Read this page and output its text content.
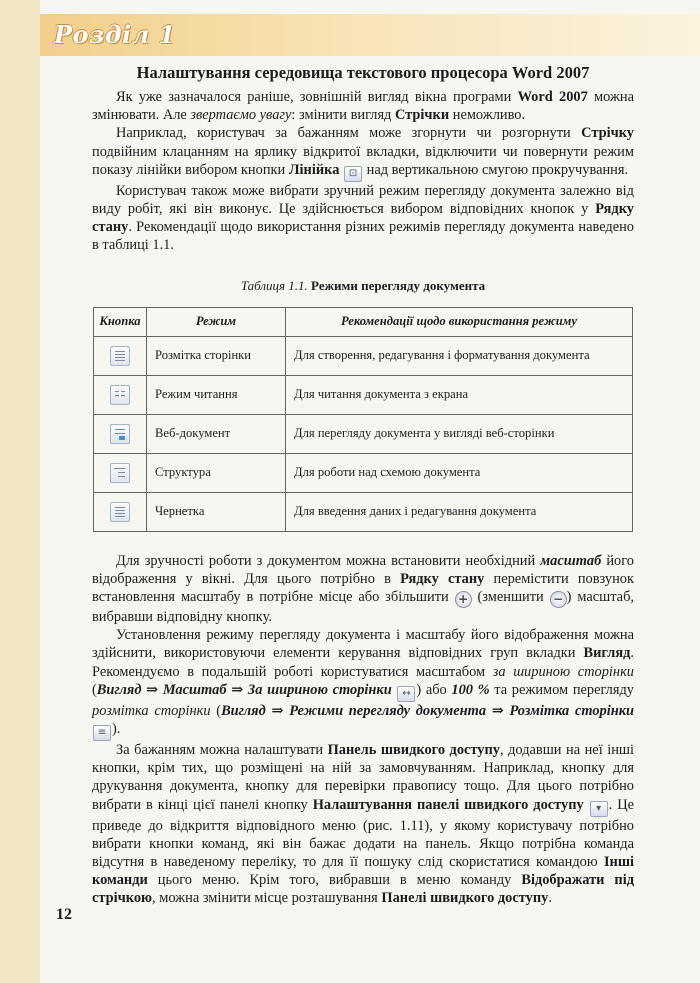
Розділ 1
Налаштування середовища текстового процесора Word 2007

Як уже зазначалося раніше, зовнішній вигляд вікна програми Word 2007 можна змінювати. Але звертаємо увагу: змінити вигляд Стрічки неможливо.

Наприклад, користувач за бажанням може згорнути чи розгорнути Стрічку подвійним клацанням на ярлику відкритої вкладки, відключити чи повернути режим показу лінійки вибором кнопки Лінійка ⊡ над вертикальною смугою прокручування.

Користувач також може вибрати зручний режим перегляду документа залежно від виду робіт, які він виконує. Це здійснюється вибором відповідних кнопок у Рядку стану. Рекомендації щодо використання різних режимів перегляду документа наведено в таблиці 1.1.

Таблиця 1.1. Режими перегляду документа
Кнопка	Режим	Рекомендації щодо використання режиму

	Розмітка сторінки	Для створення, редагування і форматування документа

	Режим читання	Для читання документа з екрана

	Веб-документ	Для перегляду документа у вигляді веб-сторінки

	Структура	Для роботи над схемою документа

	Чернетка	Для введення даних і редагування документа

Для зручності роботи з документом можна встановити необхідний масштаб його відображення у вікні. Для цього потрібно в Рядку стану перемістити повзунок встановлення масштабу в потрібне місце або збільшити + (зменшити − ) масштаб, вибравши відповідну кнопку.

Установлення режиму перегляду документа і масштабу його відображення можна здійснити, використовуючи елементи керування відповідних груп вкладки Вигляд. Рекомендуємо в подальшій роботі користуватися масштабом за шириною сторінки (Вигляд ⇒ Масштаб ⇒ За шириною сторінки ↔ ) або 100 % та режимом перегляду розмітка сторінки (Вигляд ⇒ Режими перегляду документа ⇒ Розмітка сторінки ≡ ).

За бажанням можна налаштувати Панель швидкого доступу, додавши на неї інші кнопки, крім тих, що розміщені на ній за замовчуванням. Наприклад, кнопку для друкування документа, кнопку для перевірки правопису тощо. Для цього потрібно вибрати в кінці цієї панелі кнопку Налаштування панелі швидкого доступу ▾ . Це приведе до відкриття відповідного меню (рис. 1.11), у якому користувачу потрібно вибрати кнопки команд, які він бажає додати на панель. Якщо потрібна команда відсутня в наведеному переліку, то для її пошуку слід скористатися командою Інші команди цього меню. Крім того, вибравши в меню команду Відображати під стрічкою, можна змінити місце розташування Панелі швидкого доступу.

12
